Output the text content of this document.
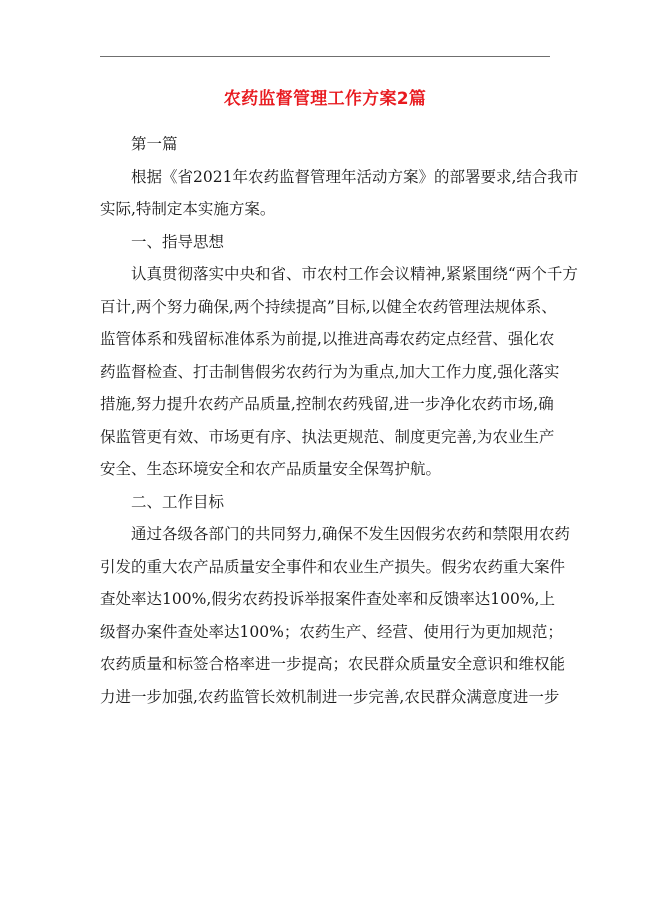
农药监督管理工作方案2篇
第一篇
根据《省2021年农药监督管理年活动方案》的部署要求,结合我市
实际,特制定本实施方案。
一、指导思想
认真贯彻落实中央和省、市农村工作会议精神,紧紧围绕“两个千方
百计,两个努力确保,两个持续提高”目标,以健全农药管理法规体系、
监管体系和残留标准体系为前提,以推进高毒农药定点经营、强化农
药监督检查、打击制售假劣农药行为为重点,加大工作力度,强化落实
措施,努力提升农药产品质量,控制农药残留,进一步净化农药市场,确
保监管更有效、市场更有序、执法更规范、制度更完善,为农业生产
安全、生态环境安全和农产品质量安全保驾护航。
二、工作目标
通过各级各部门的共同努力,确保不发生因假劣农药和禁限用农药
引发的重大农产品质量安全事件和农业生产损失。假劣农药重大案件
查处率达100%,假劣农药投诉举报案件查处率和反馈率达100%,上
级督办案件查处率达100%；农药生产、经营、使用行为更加规范；
农药质量和标签合格率进一步提高；农民群众质量安全意识和维权能
力进一步加强,农药监管长效机制进一步完善,农民群众满意度进一步
